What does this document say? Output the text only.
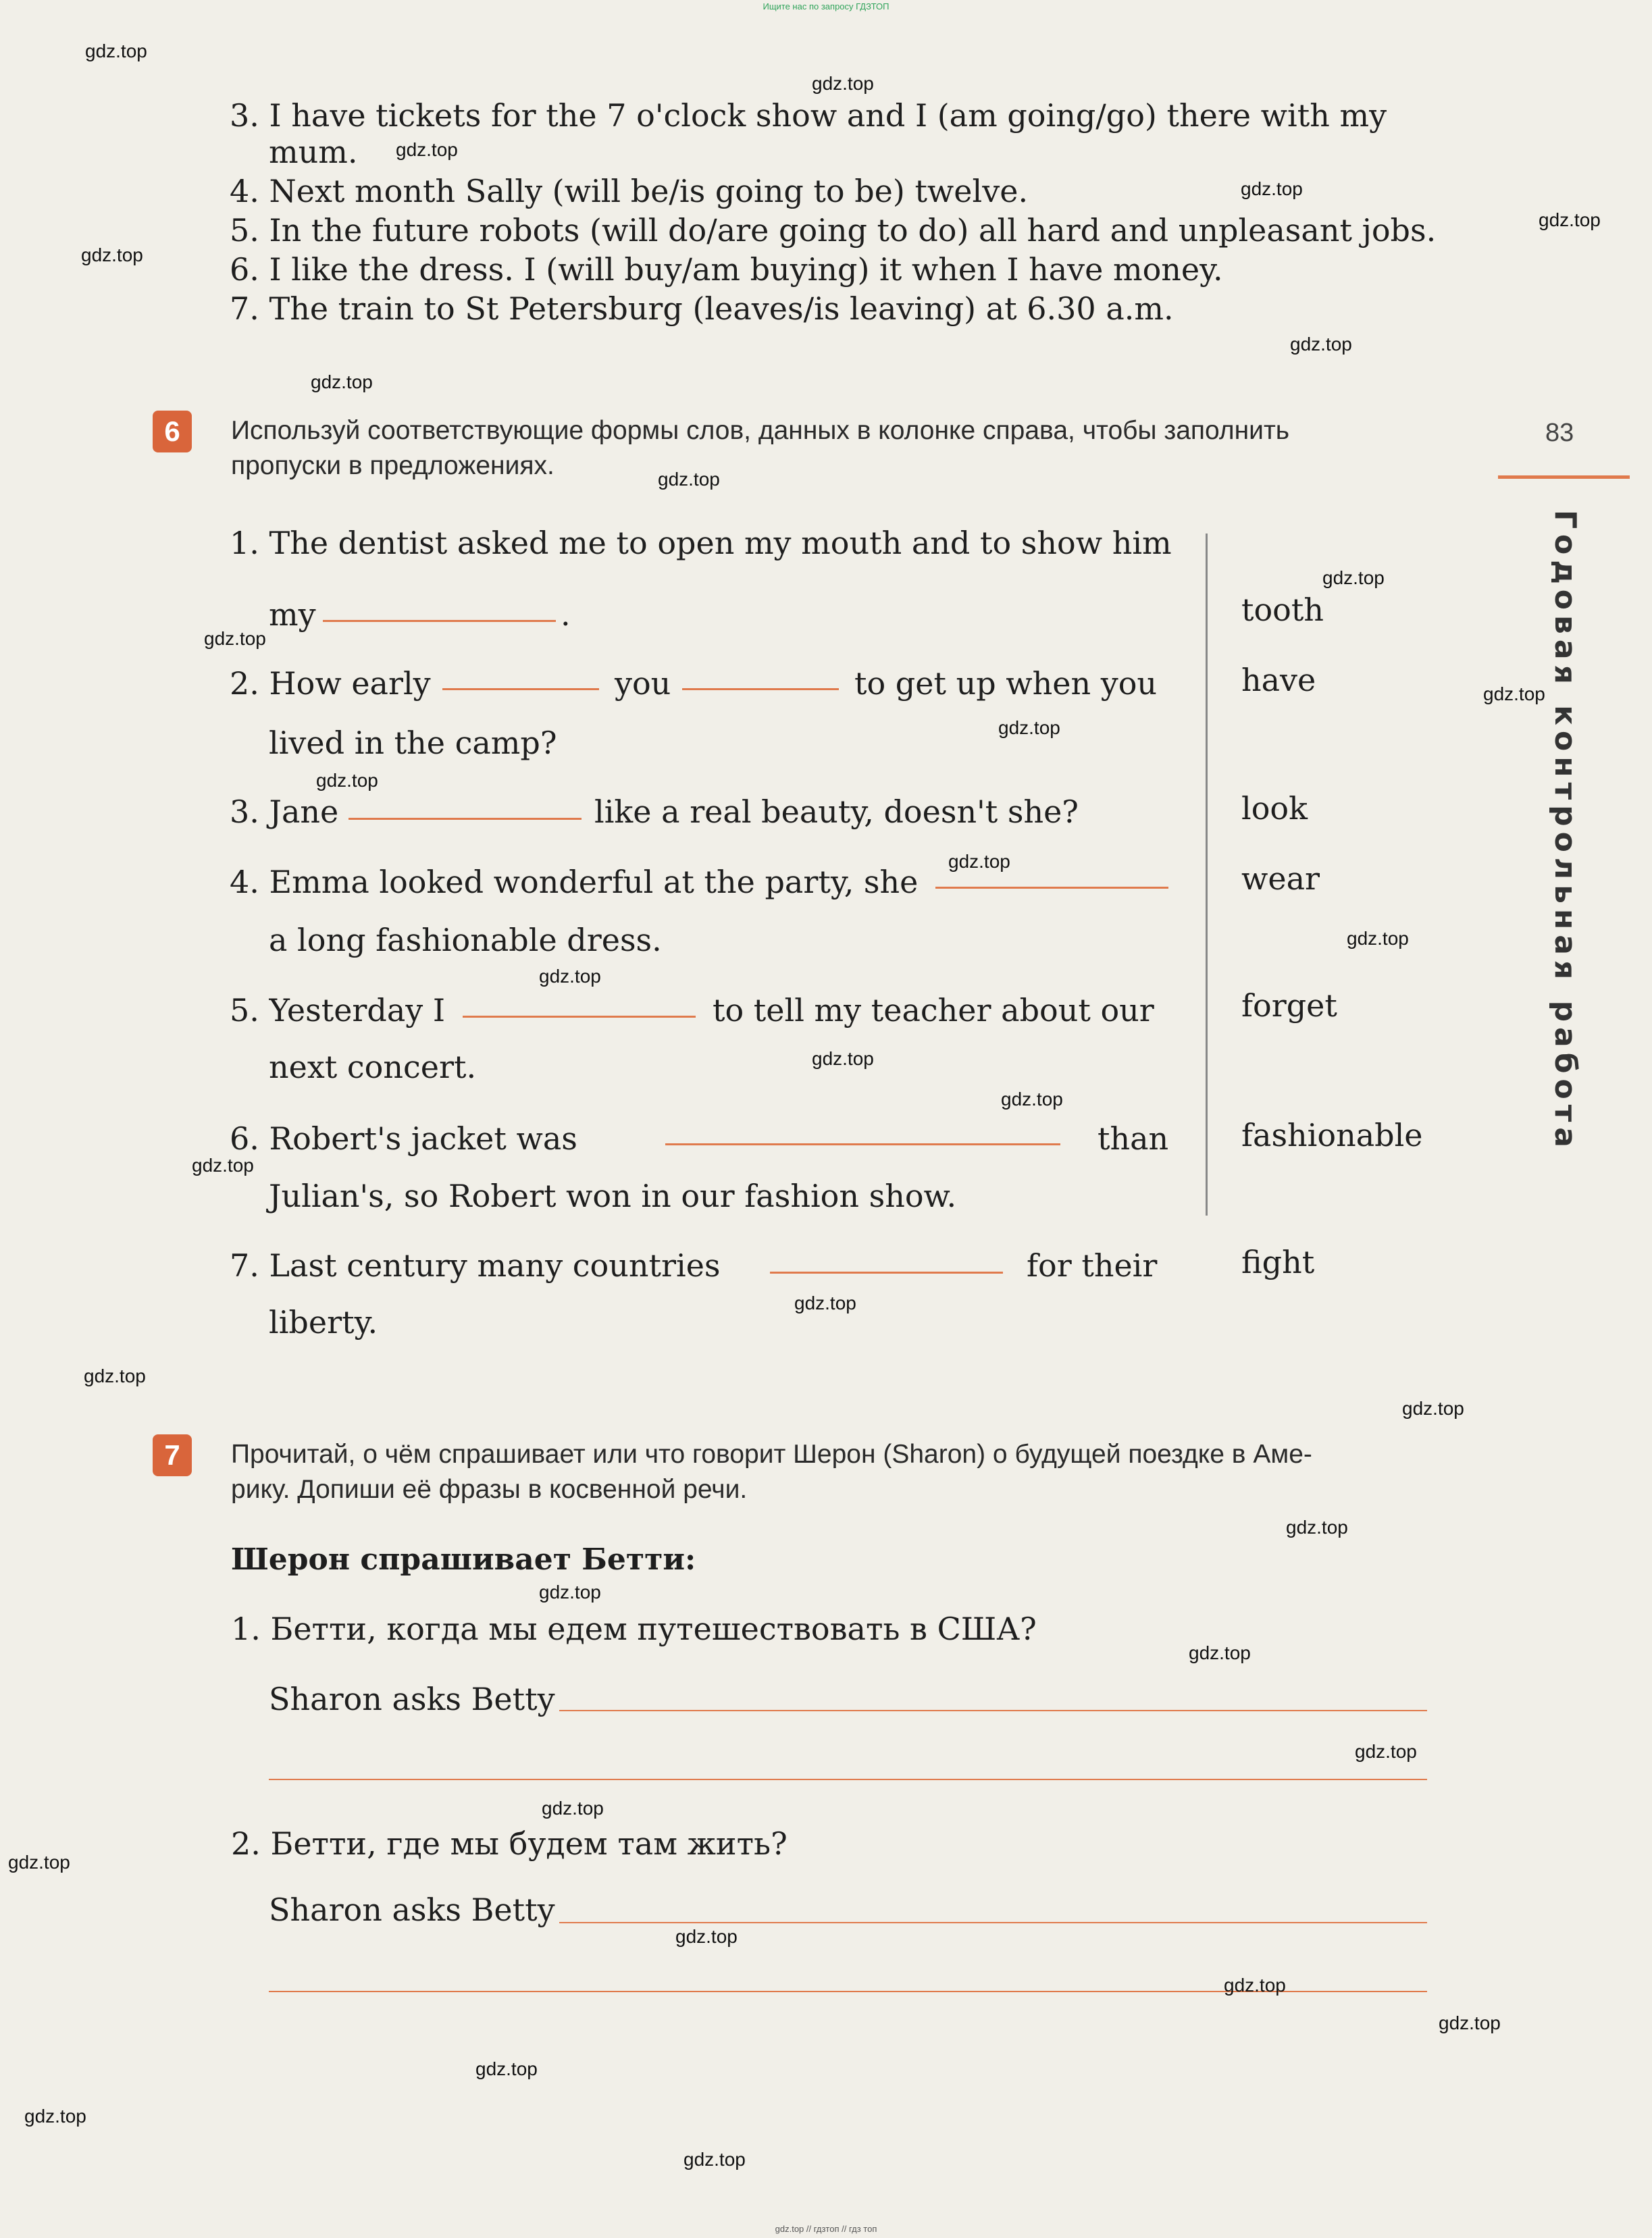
Ищите нас по запросу ГДЗТОП
3. I have tickets for the 7 o'clock show and I (am going/go) there with my
mum.
4. Next month Sally (will be/is going to be) twelve.
5. In the future robots (will do/are going to do) all hard and unpleasant jobs.
6. I like the dress. I (will buy/am buying) it when I have money.
7. The train to St Petersburg (leaves/is leaving) at 6.30 a.m.
83
Годовая контрольная работа
6	Используй соответствующие формы слов, данных в колонке справа, чтобы заполнить
пропуски в предложениях.
1. The dentist asked me to open my mouth and to show him
my	.
2. How early	you	to get up when you
lived in the camp?
3. Jane	like a real beauty, doesn't she?
4. Emma looked wonderful at the party, she
a long fashionable dress.
5. Yesterday I	to tell my teacher about our
next concert.
6. Robert's jacket was	than
Julian's, so Robert won in our fashion show.
7. Last century many countries	for their
liberty.
tooth
have
look
wear
forget
fashionable
fight
7	Прочитай, о чём спрашивает или что говорит Шерон (Sharon) о будущей поездке в Аме-
рику. Допиши её фразы в косвенной речи.
Шерон спрашивает Бетти:
1. Бетти, когда мы едем путешествовать в США?
Sharon asks Betty
2. Бетти, где мы будем там жить?
Sharon asks Betty
gdz.top
gdz.top
gdz.top
gdz.top
gdz.top
gdz.top
gdz.top
gdz.top
gdz.top
gdz.top
gdz.top
gdz.top
gdz.top
gdz.top
gdz.top
gdz.top
gdz.top
gdz.top
gdz.top
gdz.top
gdz.top
gdz.top
gdz.top
gdz.top
gdz.top
gdz.top
gdz.top
gdz.top
gdz.top
gdz.top
gdz.top
gdz.top
gdz.top
gdz.top
gdz.top
gdz.top // гдзтоп // гдз топ
